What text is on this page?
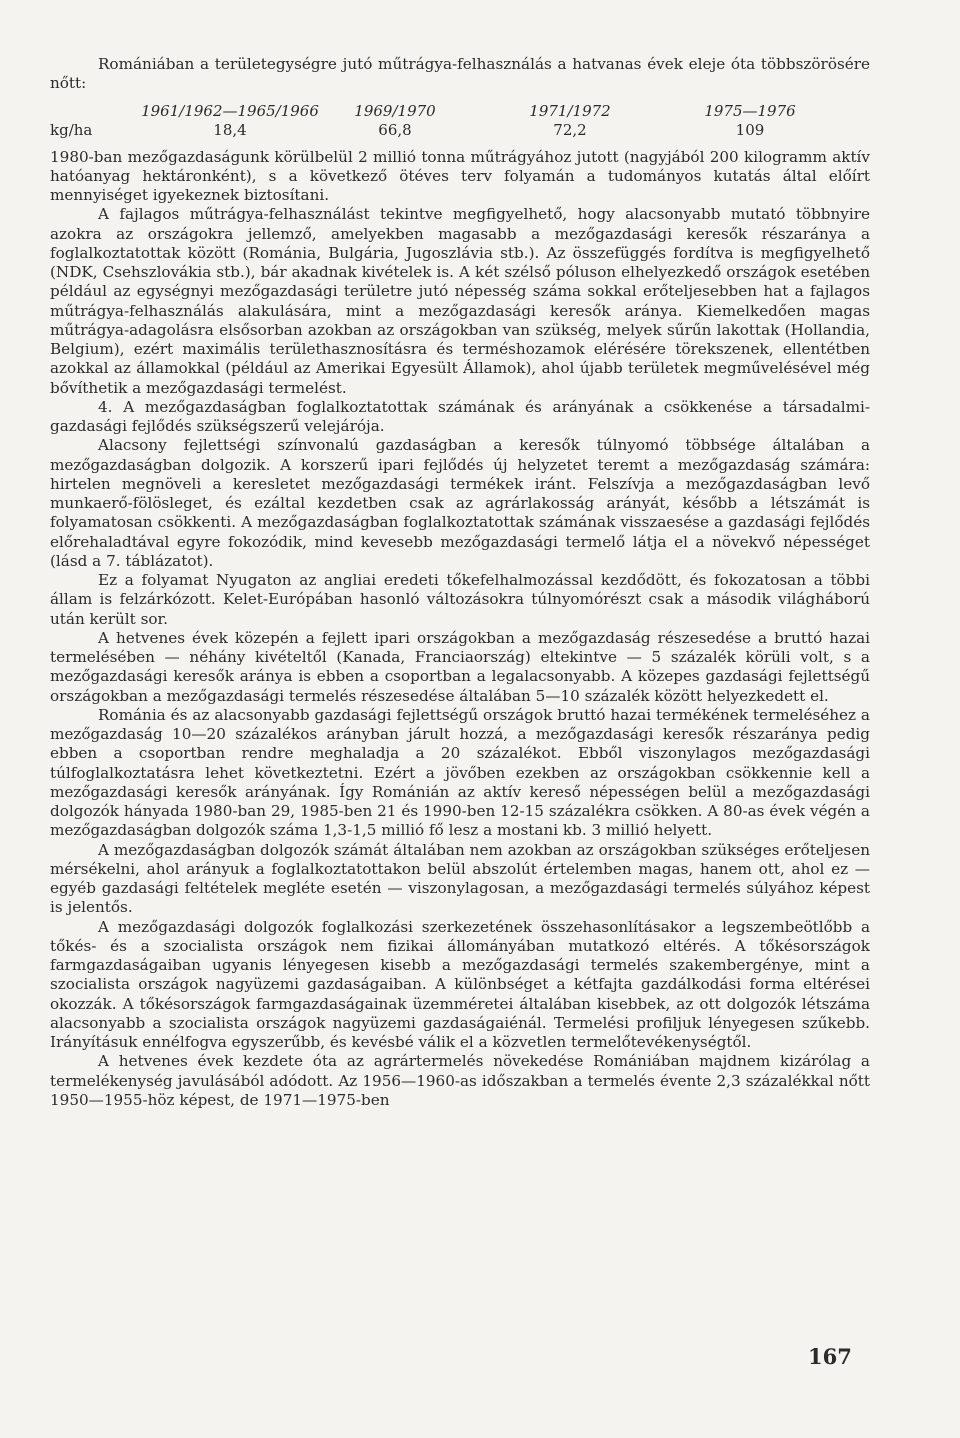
Romániában a területegységre jutó műtrágya-felhasználás a hatvanas évek eleje óta többszörösére nőtt:

1961/1962—1965/1966	1969/1970	1971/1972	1975—1976
kg/ha	18,4	66,8	72,2	109

1980-ban mezőgazdaságunk körülbelül 2 millió tonna műtrágyához jutott (nagyjából 200 kilogramm aktív hatóanyag hektáronként), s a következő ötéves terv folyamán a tudományos kutatás által előírt mennyiséget igyekeznek biztosítani.

A fajlagos műtrágya-felhasználást tekintve megfigyelhető, hogy alacsonyabb mutató többnyire azokra az országokra jellemző, amelyekben magasabb a mezőgazdasági keresők részaránya a foglalkoztatottak között (Románia, Bulgária, Jugoszlávia stb.). Az összefüggés fordítva is megfigyelhető (NDK, Csehszlovákia stb.), bár akadnak kivételek is. A két szélső póluson elhelyezkedő országok esetében például az egységnyi mezőgazdasági területre jutó népesség száma sokkal erőteljesebben hat a fajlagos műtrágya-felhasználás alakulására, mint a mezőgazdasági keresők aránya. Kiemelkedően magas műtrágya-adagolásra elsősorban azokban az országokban van szükség, melyek sűrűn lakottak (Hollandia, Belgium), ezért maximális területhasznosításra és terméshozamok elérésére törekszenek, ellentétben azokkal az államokkal (például az Amerikai Egyesült Államok), ahol újabb területek megművelésével még bővíthetik a mezőgazdasági termelést.

4. A mezőgazdaságban foglalkoztatottak számának és arányának a csökkenése a társadalmi-gazdasági fejlődés szükségszerű velejárója.

Alacsony fejlettségi színvonalú gazdaságban a keresők túlnyomó többsége általában a mezőgazdaságban dolgozik. A korszerű ipari fejlődés új helyzetet teremt a mezőgazdaság számára: hirtelen megnöveli a keresletet mezőgazdasági termékek iránt. Felszívja a mezőgazdaságban levő munkaerő-fölösleget, és ezáltal kezdetben csak az agrárlakosság arányát, később a létszámát is folyamatosan csökkenti. A mezőgazdaságban foglalkoztatottak számának visszaesése a gazdasági fejlődés előrehaladtával egyre fokozódik, mind kevesebb mezőgazdasági termelő látja el a növekvő népességet (lásd a 7. táblázatot).

Ez a folyamat Nyugaton az angliai eredeti tőkefelhalmozással kezdődött, és fokozatosan a többi állam is felzárkózott. Kelet-Európában hasonló változásokra túlnyomórészt csak a második világháború után került sor.

A hetvenes évek közepén a fejlett ipari országokban a mezőgazdaság részesedése a bruttó hazai termelésében — néhány kivételtől (Kanada, Franciaország) eltekintve — 5 százalék körüli volt, s a mezőgazdasági keresők aránya is ebben a csoportban a legalacsonyabb. A közepes gazdasági fejlettségű országokban a mezőgazdasági termelés részesedése általában 5—10 százalék között helyezkedett el.

Románia és az alacsonyabb gazdasági fejlettségű országok bruttó hazai termékének termeléséhez a mezőgazdaság 10—20 százalékos arányban járult hozzá, a mezőgazdasági keresők részaránya pedig ebben a csoportban rendre meghaladja a 20 százalékot. Ebből viszonylagos mezőgazdasági túlfoglalkoztatásra lehet következtetni. Ezért a jövőben ezekben az országokban csökkennie kell a mezőgazdasági keresők arányának. Így Románián az aktív kereső népességen belül a mezőgazdasági dolgozók hányada 1980-ban 29, 1985-ben 21 és 1990-ben 12-15 százalékra csökken. A 80-as évek végén a mezőgazdaságban dolgozók száma 1,3-1,5 millió fő lesz a mostani kb. 3 millió helyett.

A mezőgazdaságban dolgozók számát általában nem azokban az országokban szükséges erőteljesen mérsékelni, ahol arányuk a foglalkoztatottakon belül abszolút értelemben magas, hanem ott, ahol ez — egyéb gazdasági feltételek megléte esetén — viszonylagosan, a mezőgazdasági termelés súlyához képest is jelentős.

A mezőgazdasági dolgozók foglalkozási szerkezetének összehasonlításakor a legszembeötlőbb a tőkés- és a szocialista országok nem fizikai állományában mutatkozó eltérés. A tőkésországok farmgazdaságaiban ugyanis lényegesen kisebb a mezőgazdasági termelés szakembergénye, mint a szocialista országok nagyüzemi gazdaságaiban. A különbséget a kétfajta gazdálkodási forma eltérései okozzák. A tőkésországok farmgazdaságainak üzemméretei általában kisebbek, az ott dolgozók létszáma alacsonyabb a szocialista országok nagyüzemi gazdaságaiénál. Termelési profiljuk lényegesen szűkebb. Irányításuk ennélfogva egyszerűbb, és kevésbé válik el a közvetlen termelőtevékenységtől.

A hetvenes évek kezdete óta az agrártermelés növekedése Romániában majdnem kizárólag a termelékenység javulásából adódott. Az 1956—1960-as időszakban a termelés évente 2,3 százalékkal nőtt 1950—1955-höz képest, de 1971—1975-ben

167
